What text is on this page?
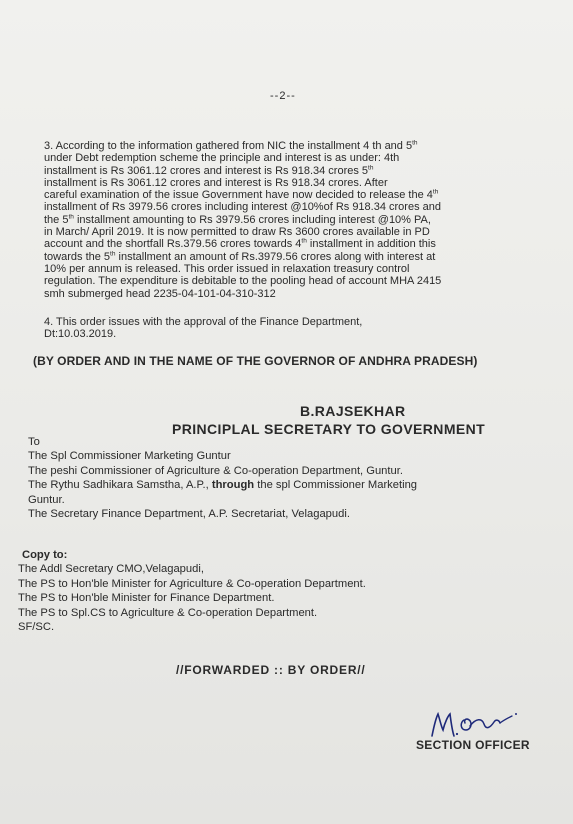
--2--
3. According to the information gathered from NIC the installment 4 th and 5th
under Debt redemption scheme the principle and interest is as under: 4th
installment is Rs 3061.12 crores and interest is Rs 918.34 crores 5th
installment is Rs 3061.12 crores and interest is Rs 918.34 crores. After
careful examination of the issue Government have now decided to release the 4th
installment of Rs 3979.56 crores including interest @10%of Rs 918.34 crores and
the 5th installment amounting to Rs 3979.56 crores including interest @10% PA,
in March/ April 2019. It is now permitted to draw Rs 3600 crores available in PD
account and the shortfall Rs.379.56 crores towards 4th installment in addition this
towards the 5th installment an amount of Rs.3979.56 crores along with interest at
10% per annum is released. This order issued in relaxation treasury control
regulation. The expenditure is debitable to the pooling head of account MHA 2415
smh submerged head 2235-04-101-04-310-312
4. This order issues with the approval of the Finance Department,
Dt:10.03.2019.
(BY ORDER AND IN THE NAME OF THE GOVERNOR OF ANDHRA PRADESH)
B.RAJSEKHAR
PRINCIPLAL SECRETARY TO GOVERNMENT
To
The Spl Commissioner Marketing Guntur
The peshi Commissioner of Agriculture & Co-operation Department, Guntur.
The Rythu Sadhikara Samstha, A.P., through the spl Commissioner Marketing
Guntur.
The Secretary Finance Department, A.P. Secretariat, Velagapudi.
Copy to:
The Addl Secretary CMO,Velagapudi,
The PS to Hon'ble Minister for Agriculture & Co-operation Department.
The PS to Hon'ble Minister for Finance Department.
The PS to Spl.CS to Agriculture & Co-operation Department.
SF/SC.
//FORWARDED :: BY ORDER//
SECTION OFFICER
